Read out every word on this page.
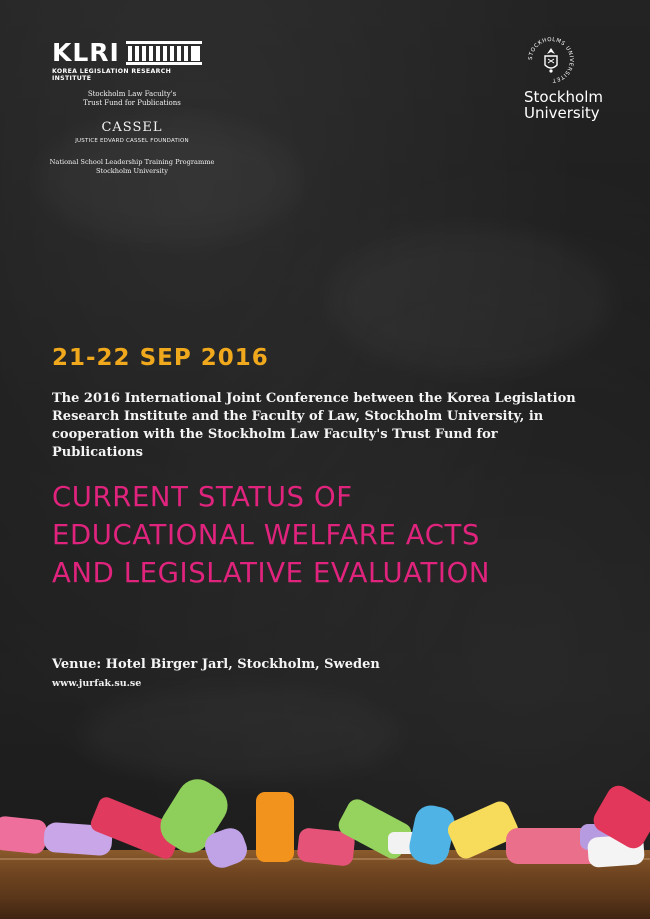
KLRI
KOREA LEGISLATION RESEARCH INSTITUTE
Stockholm Law Faculty's
Trust Fund for Publications
CASSEL
JUSTICE EDVARD CASSEL FOUNDATION
National School Leadership Training Programme
Stockholm University
STOCKHOLMS UNIVERSITET
Stockholm
University
21-22 SEP 2016
The 2016 International Joint Conference between the Korea Legislation Research Institute and the Faculty of Law, Stockholm University, in cooperation with the Stockholm Law Faculty's Trust Fund for Publications
CURRENT STATUS OF
EDUCATIONAL WELFARE ACTS
AND LEGISLATIVE EVALUATION
Venue: Hotel Birger Jarl, Stockholm, Sweden
www.jurfak.su.se
